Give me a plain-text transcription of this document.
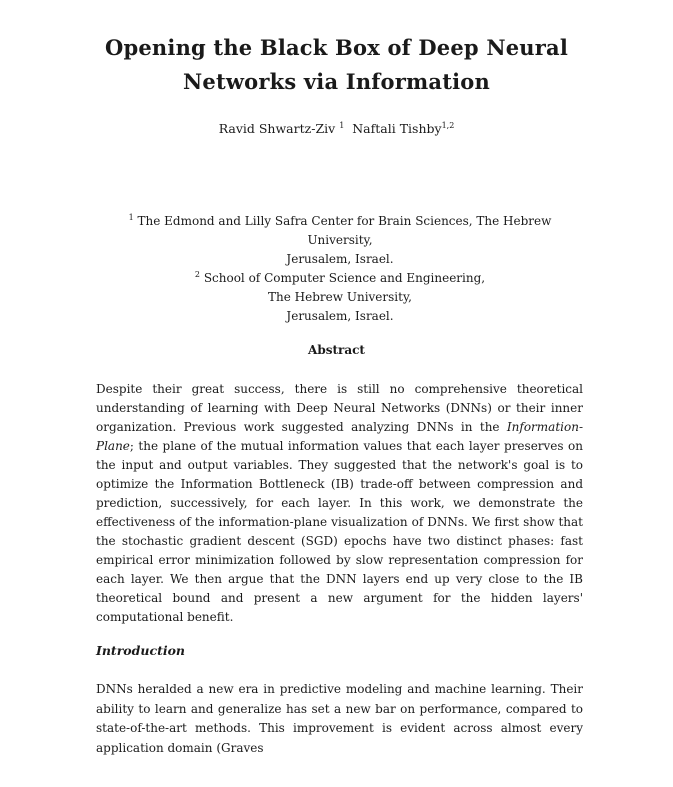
Opening the Black Box of Deep Neural
Networks via Information
Ravid Shwartz-Ziv $^1$ Naftali Tishby$^{1,2}$
$^1$ The Edmond and Lilly Safra Center for Brain Sciences, The Hebrew University,
Jerusalem, Israel.
$^2$ School of Computer Science and Engineering,
The Hebrew University,
Jerusalem, Israel.
Abstract
Despite their great success, there is still no comprehensive theoretical understanding of learning with Deep Neural Networks (DNNs) or their inner organization. Previous work suggested analyzing DNNs in the Information-Plane; the plane of the mutual information values that each layer preserves on the input and output variables. They suggested that the network's goal is to optimize the Information Bottleneck (IB) trade-off between compression and prediction, successively, for each layer. In this work, we demonstrate the effectiveness of the information-plane visualization of DNNs. We first show that the stochastic gradient descent (SGD) epochs have two distinct phases: fast empirical error minimization followed by slow representation compression for each layer. We then argue that the DNN layers end up very close to the IB theoretical bound and present a new argument for the hidden layers' computational benefit.
Introduction
DNNs heralded a new era in predictive modeling and machine learning. Their ability to learn and generalize has set a new bar on performance, compared to state-of-the-art methods. This improvement is evident across almost every application domain (Graves
